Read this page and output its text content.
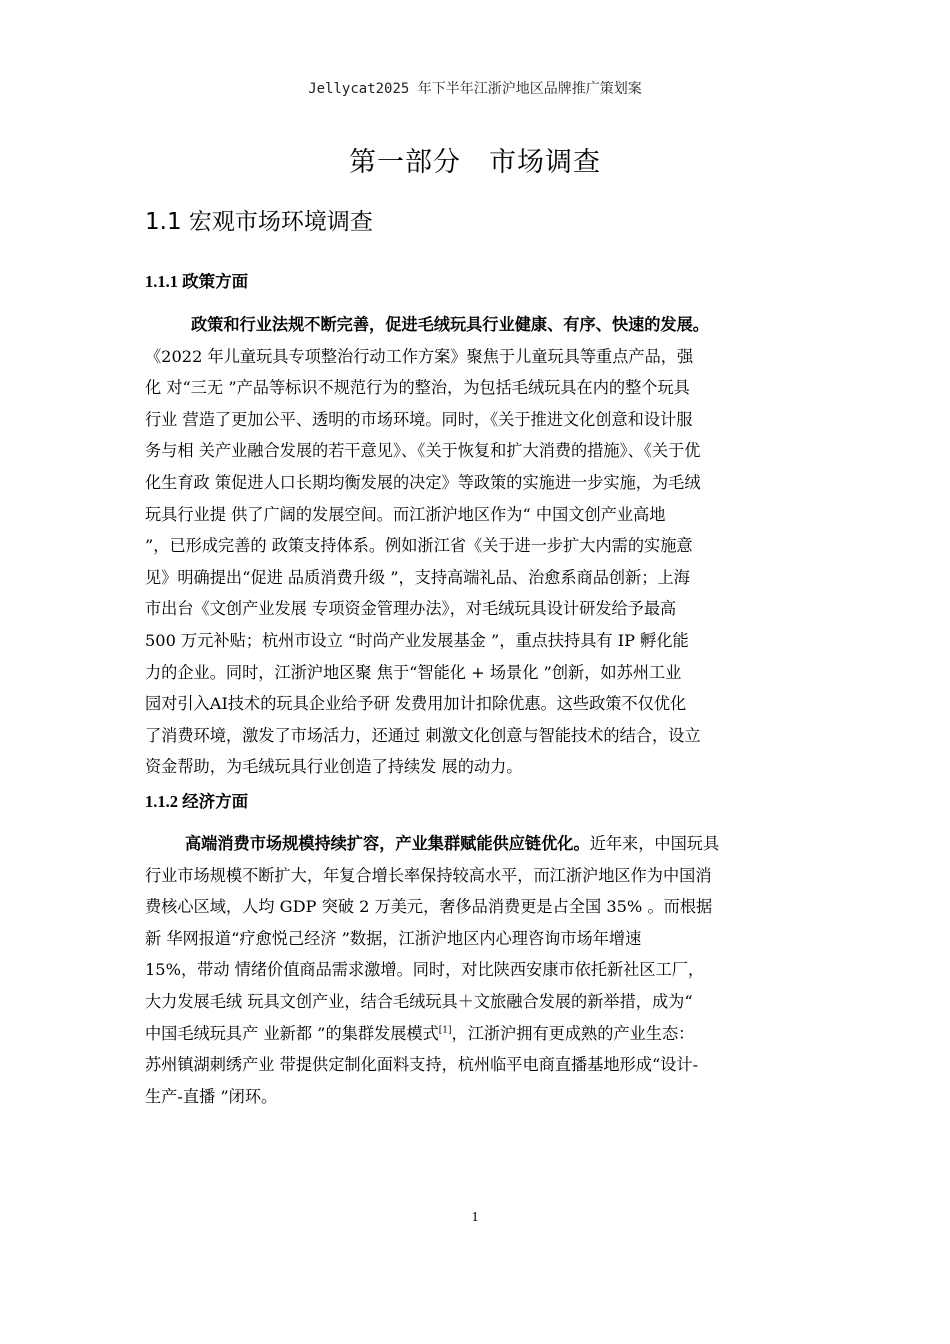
Jellycat2025 年下半年江浙沪地区品牌推广策划案
第一部分　市场调查
1.1 宏观市场环境调查
1.1.1 政策方面
政策和行业法规不断完善，促进毛绒玩具行业健康、有序、快速的发展。
《2022 年儿童玩具专项整治行动工作方案》聚焦于儿童玩具等重点产品，强
化 对“三无 ”产品等标识不规范行为的整治，为包括毛绒玩具在内的整个玩具
行业 营造了更加公平、透明的市场环境。同时，《关于推进文化创意和设计服
务与相 关产业融合发展的若干意见》、《关于恢复和扩大消费的措施》、《关于优
化生育政 策促进人口长期均衡发展的决定》等政策的实施进一步实施，为毛绒
玩具行业提 供了广阔的发展空间。而江浙沪地区作为“ 中国文创产业高地
”，已形成完善的 政策支持体系。例如浙江省《关于进一步扩大内需的实施意
见》明确提出“促进 品质消费升级 ”，支持高端礼品、治愈系商品创新；上海
市出台《文创产业发展 专项资金管理办法》，对毛绒玩具设计研发给予最高
500 万元补贴；杭州市设立 “时尚产业发展基金 ”，重点扶持具有 IP 孵化能
力的企业。同时，江浙沪地区聚 焦于“智能化 + 场景化 ”创新，如苏州工业
园对引入AI技术的玩具企业给予研 发费用加计扣除优惠。这些政策不仅优化
了消费环境，激发了市场活力，还通过 刺激文化创意与智能技术的结合，设立
资金帮助，为毛绒玩具行业创造了持续发 展的动力。
1.1.2 经济方面
高端消费市场规模持续扩容，产业集群赋能供应链优化。近年来，中国玩具
行业市场规模不断扩大，年复合增长率保持较高水平，而江浙沪地区作为中国消
费核心区域，人均 GDP 突破 2 万美元，奢侈品消费更是占全国 35% 。而根据
新 华网报道“疗愈悦己经济 ”数据，江浙沪地区内心理咨询市场年增速
15%，带动 情绪价值商品需求激增。同时，对比陕西安康市依托新社区工厂，
大力发展毛绒 玩具文创产业，结合毛绒玩具＋文旅融合发展的新举措，成为“
中国毛绒玩具产 业新都 ”的集群发展模式[1]，江浙沪拥有更成熟的产业生态：
苏州镇湖刺绣产业 带提供定制化面料支持，杭州临平电商直播基地形成“设计-
生产-直播 ”闭环。
1
